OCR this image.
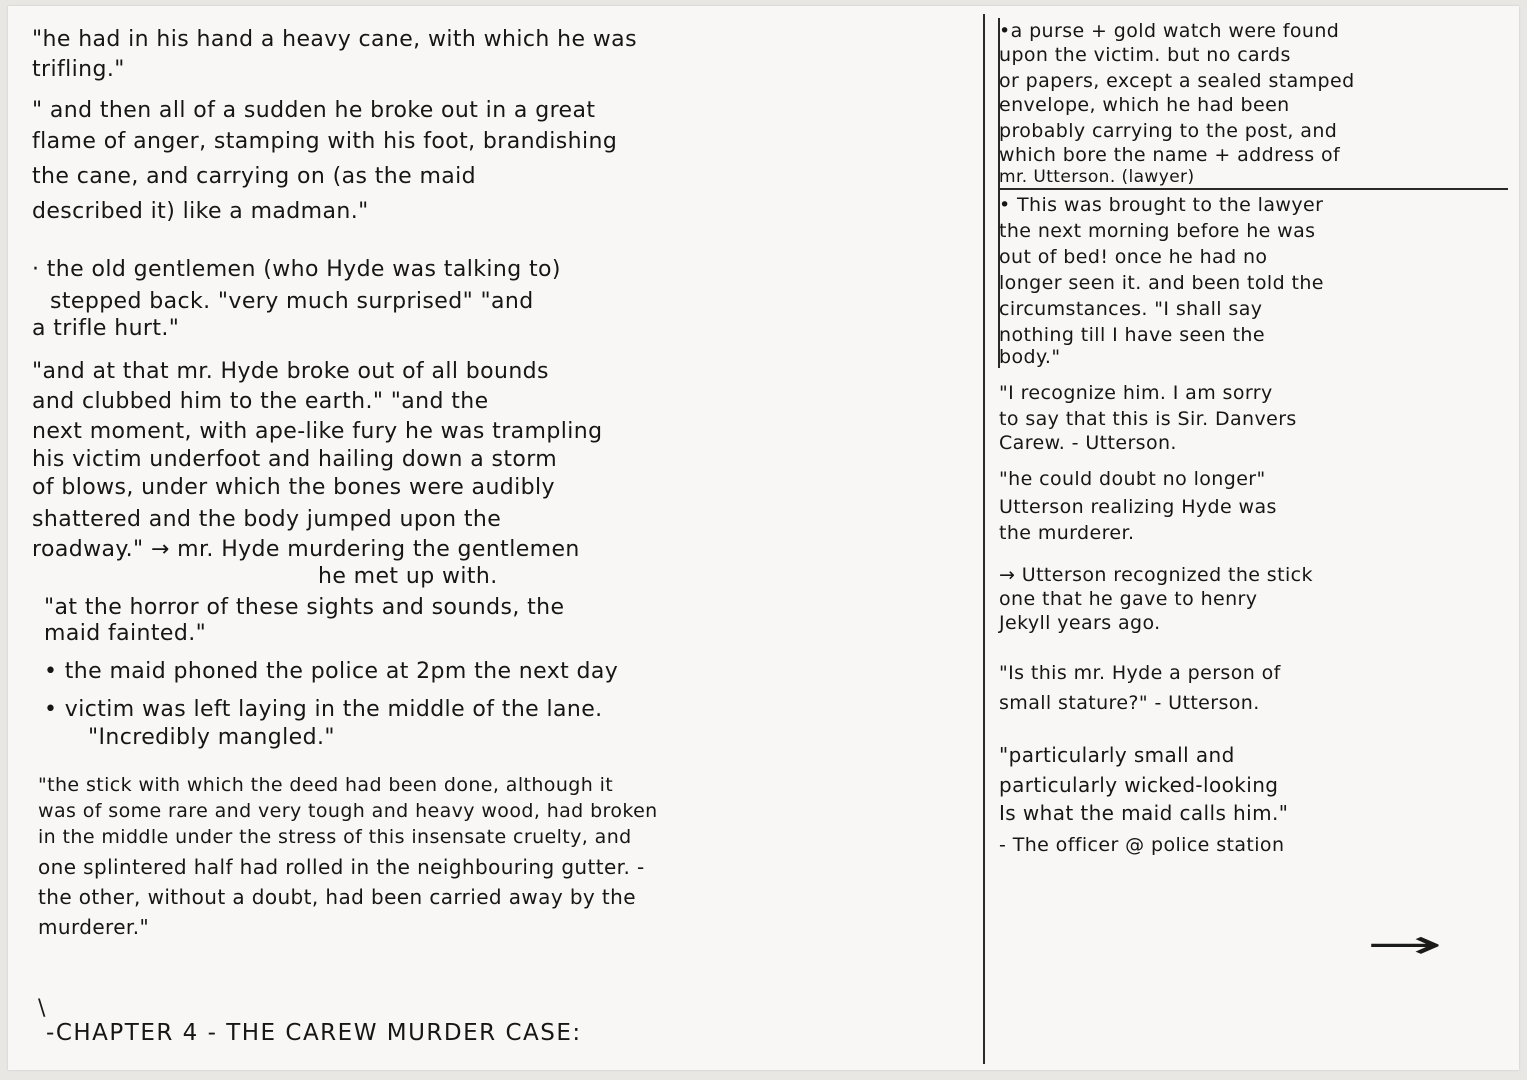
"he had in his hand a heavy cane, with which he was
trifling."
" and then all of a sudden he broke out in a great
flame of anger, stamping with his foot, brandishing
the cane, and carrying on (as the maid
described it) like a madman."
· the old gentlemen (who Hyde was talking to)
stepped back. "very much surprised" "and
a trifle hurt."
"and at that mr. Hyde broke out of all bounds
and clubbed him to the earth." "and the
next moment, with ape-like fury he was trampling
his victim underfoot and hailing down a storm
of blows, under which the bones were audibly
shattered and the body jumped upon the
roadway." → mr. Hyde murdering the gentlemen
he met up with.
"at the horror of these sights and sounds, the
maid fainted."
• the maid phoned the police at 2pm the next day
• victim was left laying in the middle of the lane.
"Incredibly mangled."
"the stick with which the deed had been done, although it
was of some rare and very tough and heavy wood, had broken
in the middle under the stress of this insensate cruelty, and
one splintered half had rolled in the neighbouring gutter. -
the other, without a doubt, had been carried away by the
murderer."
\
-CHAPTER 4 - THE CAREW MURDER CASE:
•a purse + gold watch were found
upon the victim. but no cards
or papers, except a sealed stamped
envelope, which he had been
probably carrying to the post, and
which bore the name + address of
mr. Utterson. (lawyer)
• This was brought to the lawyer
the next morning before he was
out of bed! once he had no
longer seen it. and been told the
circumstances. "I shall say
nothing till I have seen the
body."
"I recognize him. I am sorry
to say that this is Sir. Danvers
Carew. - Utterson.
"he could doubt no longer"
Utterson realizing Hyde was
the murderer.
→ Utterson recognized the stick
one that he gave to henry
Jekyll years ago.
"Is this mr. Hyde a person of
small stature?" - Utterson.
"particularly small and
particularly wicked-looking
Is what the maid calls him."
- The officer @ police station
→
